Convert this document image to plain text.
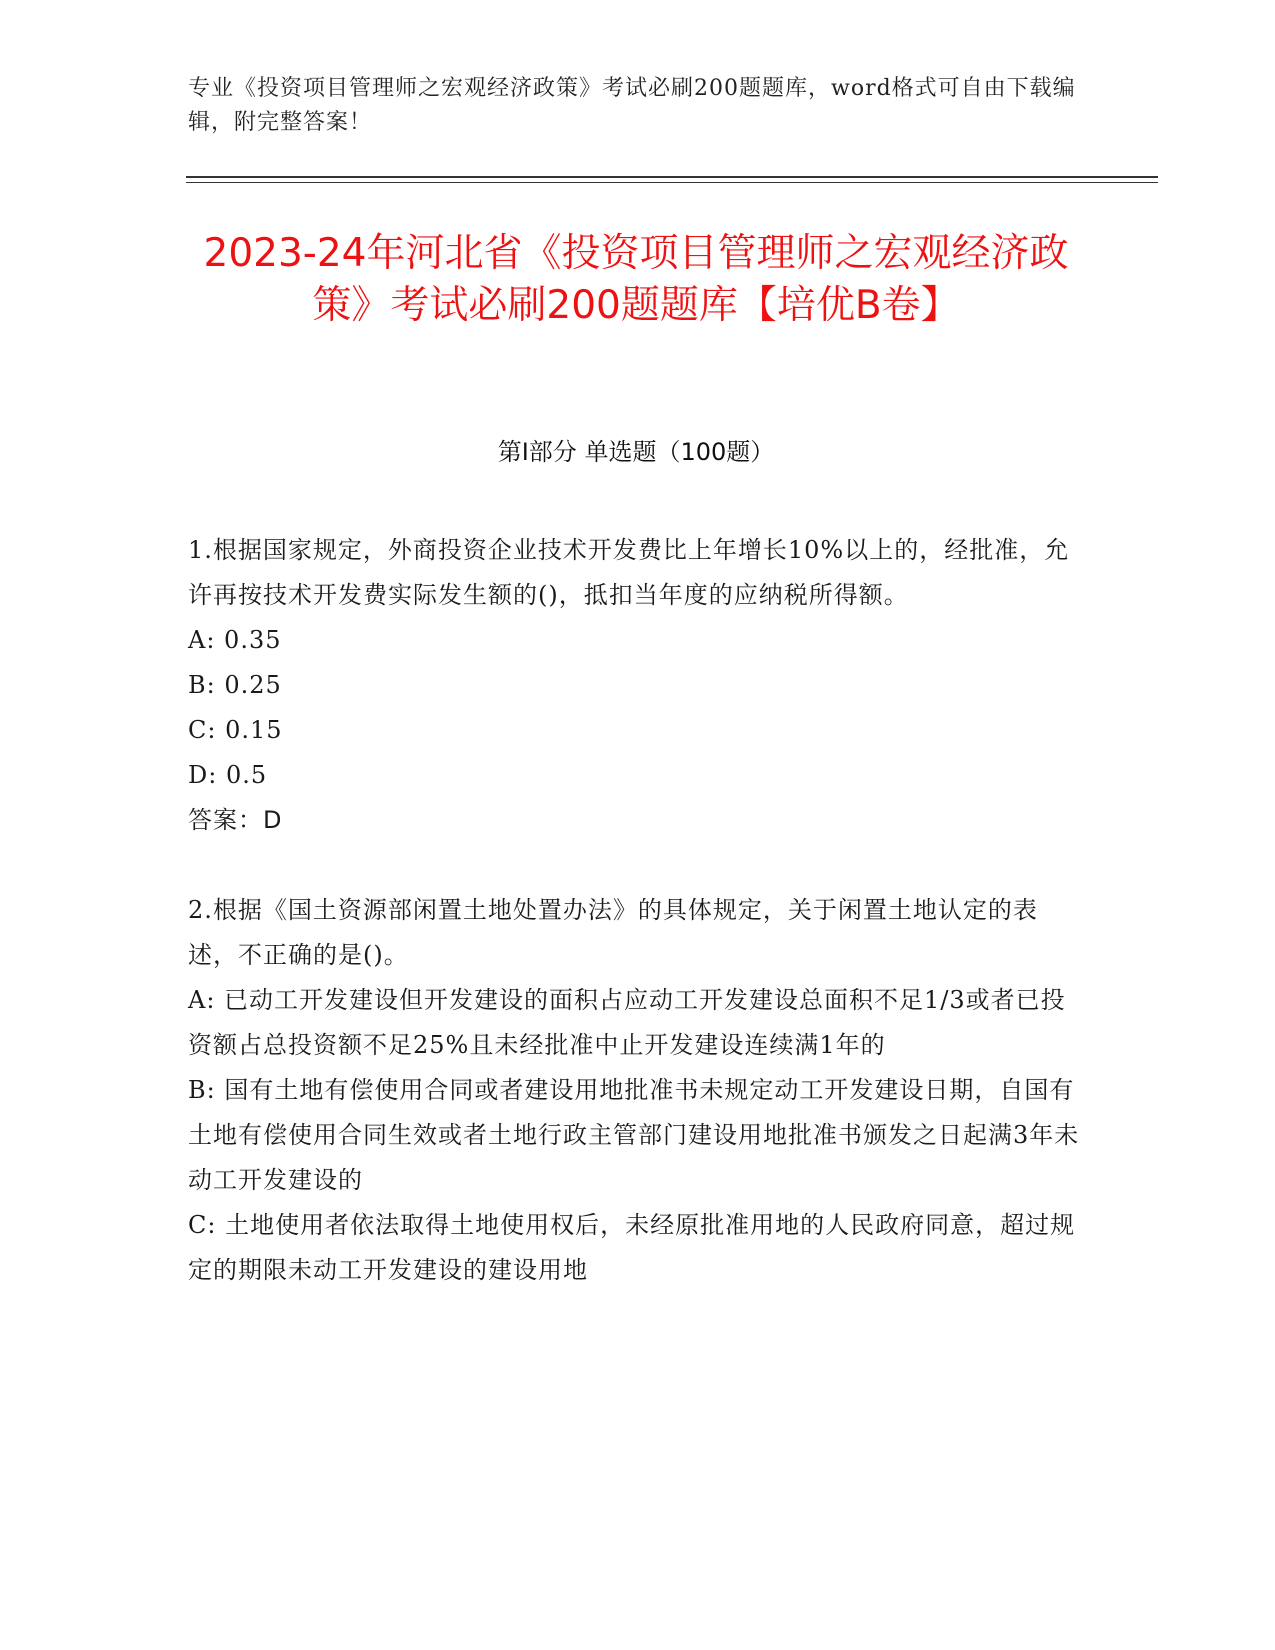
专业《投资项目管理师之宏观经济政策》考试必刷200题题库，word格式可自由下载编辑，附完整答案！
2023-24年河北省《投资项目管理师之宏观经济政策》考试必刷200题题库【培优B卷】
第I部分 单选题（100题）

1.根据国家规定，外商投资企业技术开发费比上年增长10%以上的，经批准，允许再按技术开发费实际发生额的()，抵扣当年度的应纳税所得额。

A: 0.35

B: 0.25

C: 0.15

D: 0.5

答案：D

2.根据《国土资源部闲置土地处置办法》的具体规定，关于闲置土地认定的表述，不正确的是()。

A: 已动工开发建设但开发建设的面积占应动工开发建设总面积不足1/3或者已投资额占总投资额不足25%且未经批准中止开发建设连续满1年的

B: 国有土地有偿使用合同或者建设用地批准书未规定动工开发建设日期，自国有土地有偿使用合同生效或者土地行政主管部门建设用地批准书颁发之日起满3年未动工开发建设的

C: 土地使用者依法取得土地使用权后，未经原批准用地的人民政府同意，超过规定的期限未动工开发建设的建设用地
